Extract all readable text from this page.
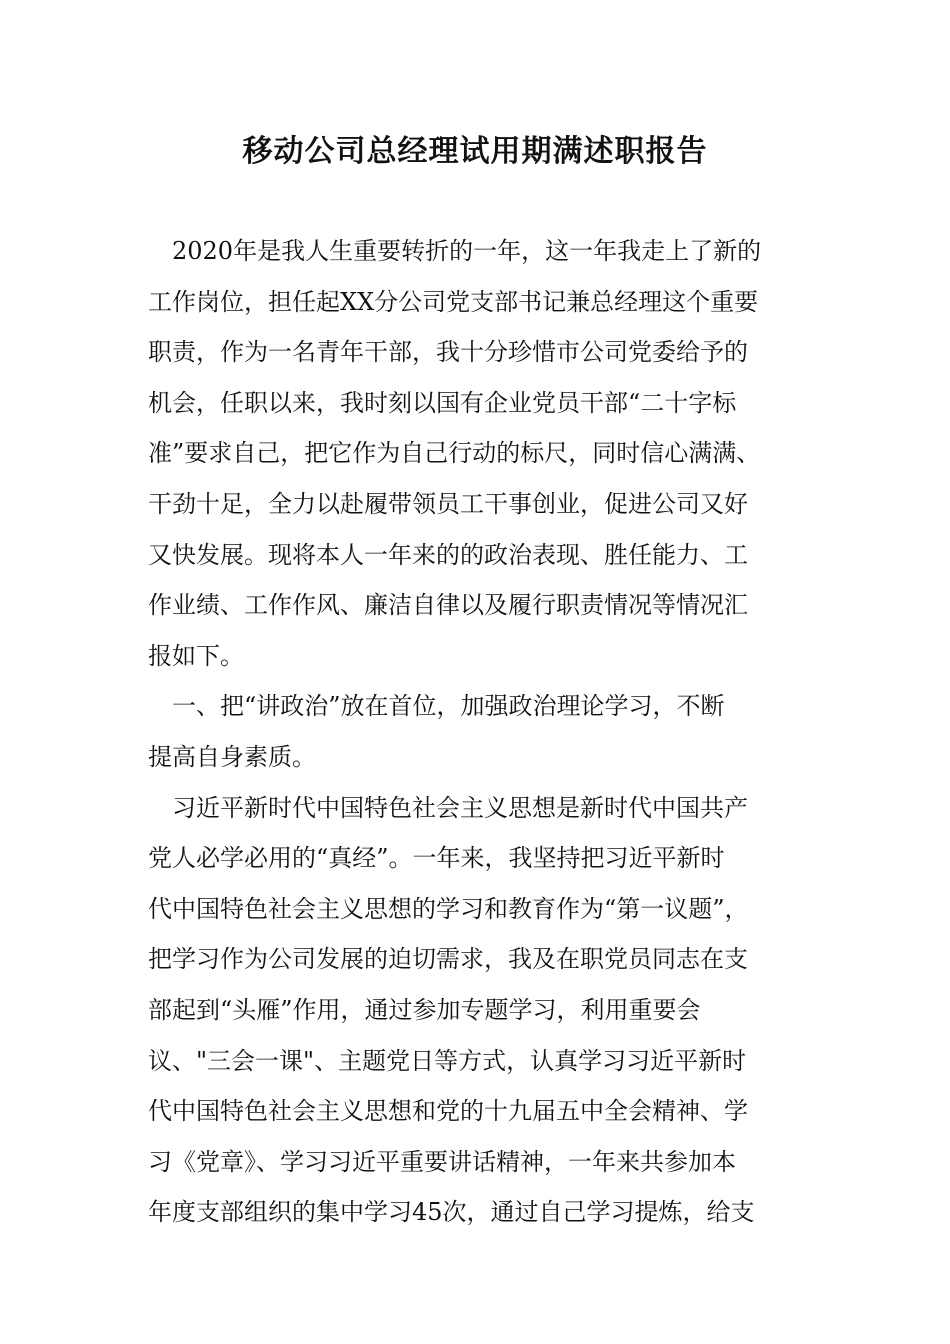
移动公司总经理试用期满述职报告
　2020年是我人生重要转折的一年，这一年我走上了新的
工作岗位，担任起XX分公司党支部书记兼总经理这个重要
职责，作为一名青年干部，我十分珍惜市公司党委给予的
机会，任职以来，我时刻以国有企业党员干部“二十字标
准”要求自己，把它作为自己行动的标尺，同时信心满满、
干劲十足，全力以赴履带领员工干事创业，促进公司又好
又快发展。现将本人一年来的的政治表现、胜任能力、工
作业绩、工作作风、廉洁自律以及履行职责情况等情况汇
报如下。
　一、把“讲政治”放在首位，加强政治理论学习，不断
提高自身素质。
　习近平新时代中国特色社会主义思想是新时代中国共产
党人必学必用的“真经”。一年来，我坚持把习近平新时
代中国特色社会主义思想的学习和教育作为“第一议题”，
把学习作为公司发展的迫切需求，我及在职党员同志在支
部起到“头雁”作用，通过参加专题学习，利用重要会
议、"三会一课"、主题党日等方式，认真学习习近平新时
代中国特色社会主义思想和党的十九届五中全会精神、学
习《党章》、学习习近平重要讲话精神，一年来共参加本
年度支部组织的集中学习45次，通过自己学习提炼，给支
